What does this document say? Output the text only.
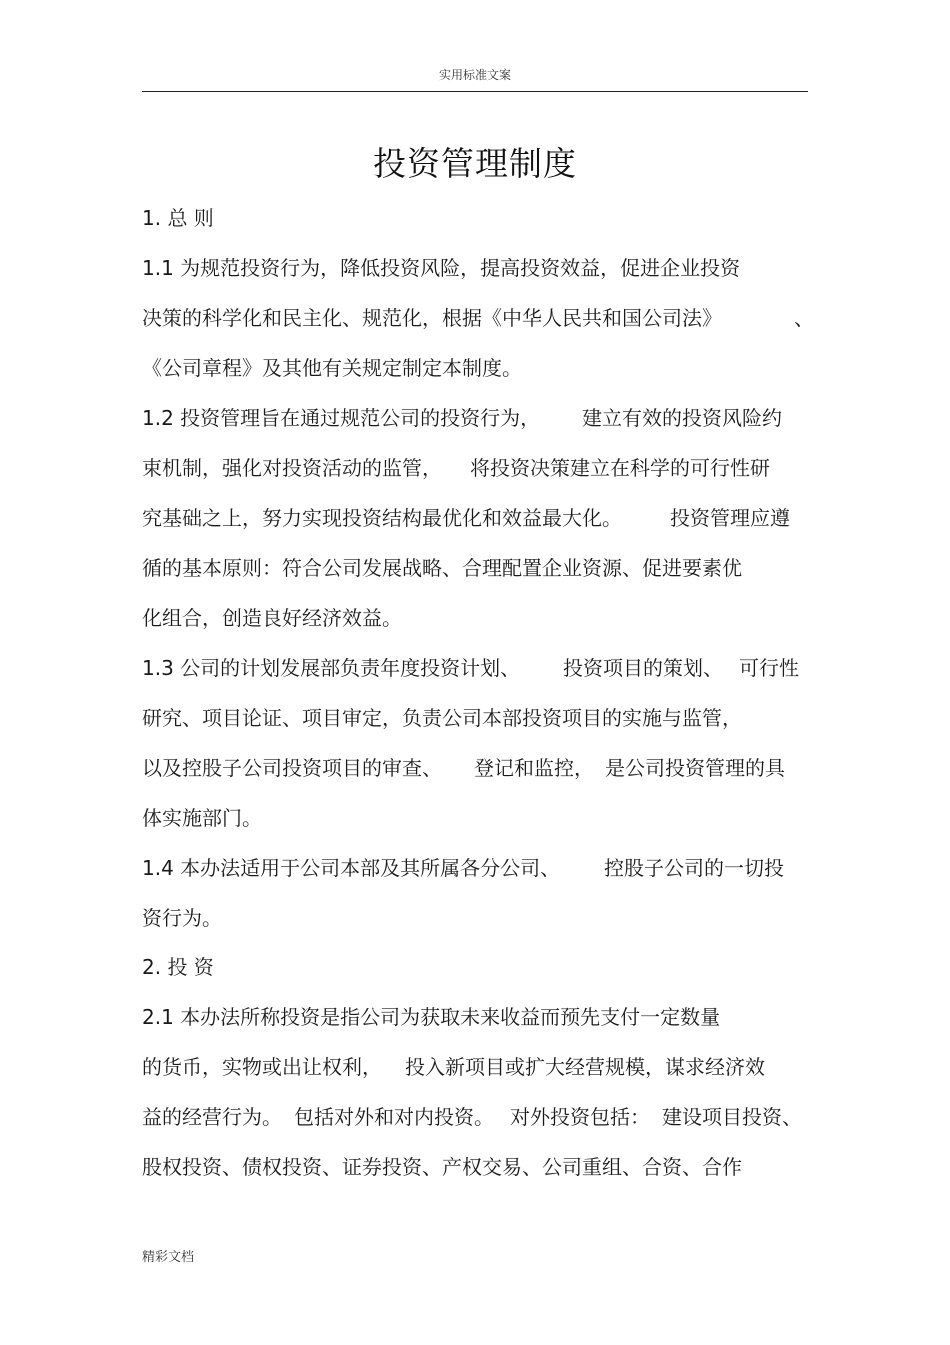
实用标准文案
投资管理制度
1. 总 则
1.1 为规范投资行为，降低投资风险，提高投资效益，促进企业投资
决策的科学化和民主化、规范化，根据《中华人民共和国公司法》	、
《公司章程》及其他有关规定制定本制度。
1.2 投资管理旨在通过规范公司的投资行为， 建立有效的投资风险约
束机制，强化对投资活动的监管， 将投资决策建立在科学的可行性研
究基础之上，努力实现投资结构最优化和效益最大化。 投资管理应遵
循的基本原则：符合公司发展战略、合理配置企业资源、促进要素优
化组合，创造良好经济效益。
1.3 公司的计划发展部负责年度投资计划、 投资项目的策划、 可行性
研究、项目论证、项目审定，负责公司本部投资项目的实施与监管，
以及控股子公司投资项目的审查、 登记和监控， 是公司投资管理的具
体实施部门。
1.4 本办法适用于公司本部及其所属各分公司、 控股子公司的一切投
资行为。
2. 投 资
2.1 本办法所称投资是指公司为获取未来收益而预先支付一定数量
的货币，实物或出让权利， 投入新项目或扩大经营规模，谋求经济效
益的经营行为。 包括对外和对内投资。 对外投资包括： 建设项目投资、
股权投资、债权投资、证券投资、产权交易、公司重组、合资、合作
精彩文档
